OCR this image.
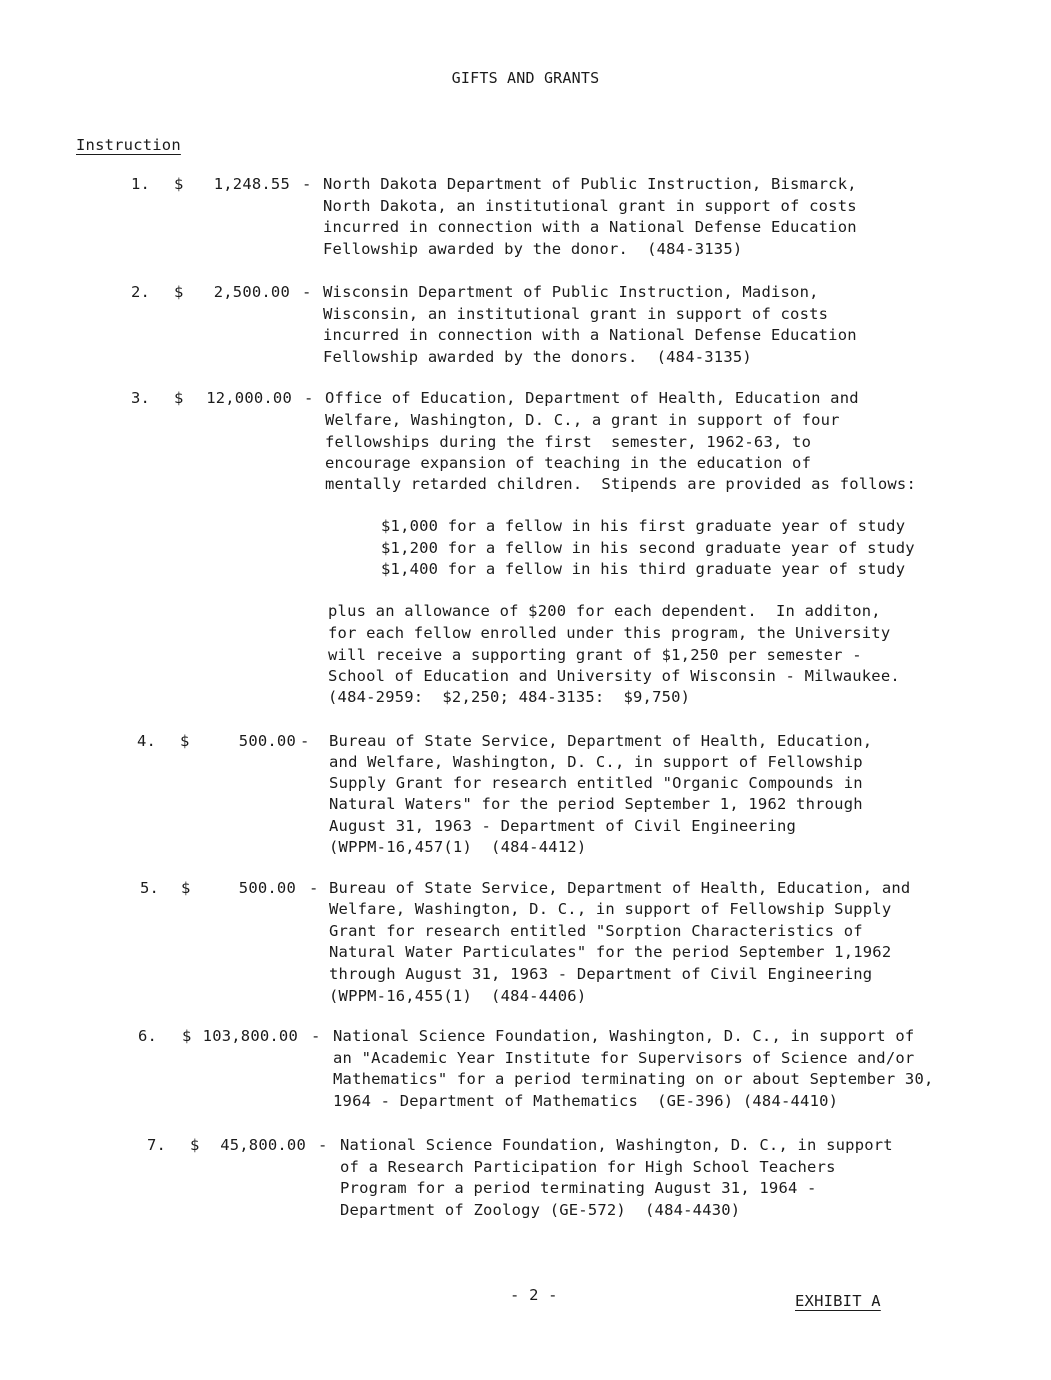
GIFTS AND GRANTS
Instruction
1. $	1,248.55 - North Dakota Department of Public Instruction, Bismarck,
North Dakota, an institutional grant in support of costs
incurred in connection with a National Defense Education
Fellowship awarded by the donor.  (484-3135)
2. $	2,500.00 - Wisconsin Department of Public Instruction, Madison,
Wisconsin, an institutional grant in support of costs
incurred in connection with a National Defense Education
Fellowship awarded by the donors.  (484-3135)
3. $	12,000.00 - Office of Education, Department of Health, Education and
Welfare, Washington, D. C., a grant in support of four
fellowships during the first  semester, 1962-63, to
encourage expansion of teaching in the education of
mentally retarded children.  Stipends are provided as follows:
$1,000 for a fellow in his first graduate year of study
$1,200 for a fellow in his second graduate year of study
$1,400 for a fellow in his third graduate year of study
plus an allowance of $200 for each dependent.  In additon,
for each fellow enrolled under this program, the University
will receive a supporting grant of $1,250 per semester -
School of Education and University of Wisconsin - Milwaukee.
(484-2959:  $2,250; 484-3135:  $9,750)
4. $	500.00 - Bureau of State Service, Department of Health, Education,
and Welfare, Washington, D. C., in support of Fellowship
Supply Grant for research entitled "Organic Compounds in
Natural Waters" for the period September 1, 1962 through
August 31, 1963 - Department of Civil Engineering
(WPPM-16,457(1)  (484-4412)
5. $	500.00 - Bureau of State Service, Department of Health, Education, and
Welfare, Washington, D. C., in support of Fellowship Supply
Grant for research entitled "Sorption Characteristics of
Natural Water Particulates" for the period September 1,1962
through August 31, 1963 - Department of Civil Engineering
(WPPM-16,455(1)  (484-4406)
6. $ 103,800.00 - National Science Foundation, Washington, D. C., in support of
an "Academic Year Institute for Supervisors of Science and/or
Mathematics" for a period terminating on or about September 30,
1964 - Department of Mathematics  (GE-396) (484-4410)
7. $	45,800.00 - National Science Foundation, Washington, D. C., in support
of a Research Participation for High School Teachers
Program for a period terminating August 31, 1964 -
Department of Zoology (GE-572)  (484-4430)
- 2 -	EXHIBIT A
